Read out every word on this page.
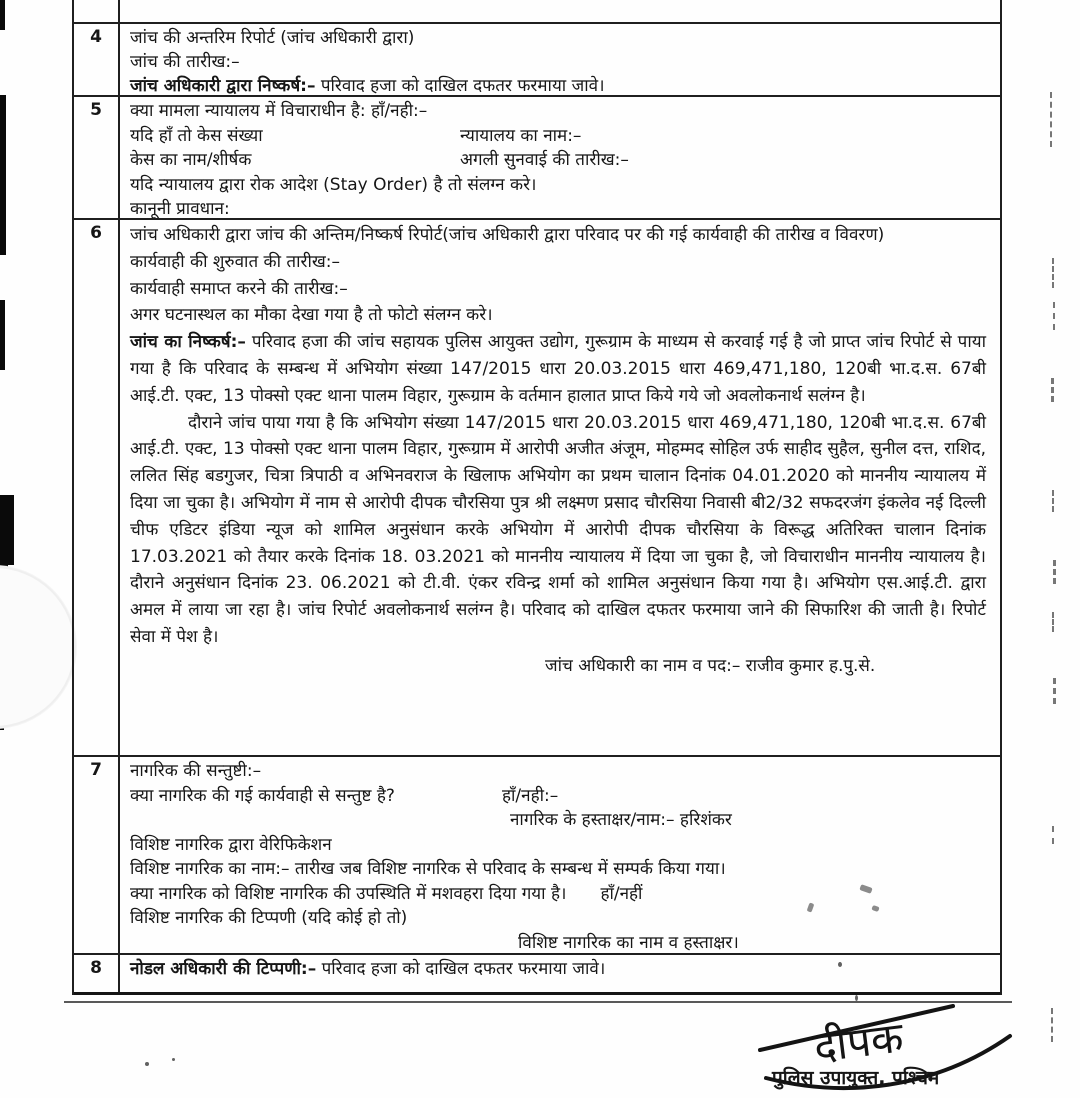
4	जांच की अन्तरिम रिपोर्ट (जांच अधिकारी द्वारा)
जांच की तारीख:–
जांच अधिकारी द्वारा निष्कर्ष:– परिवाद हजा को दाखिल दफतर फरमाया जावे।
5	क्या मामला न्यायालय में विचाराधीन है: हाँ/नही:–
यदि हाँ तो केस संख्या	न्यायालय का नाम:–
केस का नाम/शीर्षक	अगली सुनवाई की तारीख:–
यदि न्यायालय द्वारा रोक आदेश (Stay Order) है तो संलग्न करे।
कानूनी प्रावधान:
6	जांच अधिकारी द्वारा जांच की अन्तिम/निष्कर्ष रिपोर्ट(जांच अधिकारी द्वारा परिवाद पर की गई कार्यवाही की तारीख व विवरण)
कार्यवाही की शुरुवात की तारीख:–
कार्यवाही समाप्त करने की तारीख:–
अगर घटनास्थल का मौका देखा गया है तो फोटो संलग्न करे।
जांच का निष्कर्ष:– परिवाद हजा की जांच सहायक पुलिस आयुक्त उद्योग, गुरूग्राम के माध्यम से करवाई गई है जो प्राप्त जांच रिपोर्ट से पाया गया है कि परिवाद के सम्बन्ध में अभियोग संख्या 147/2015 धारा 20.03.2015 धारा 469,471,180, 120बी भा.द.स. 67बी आई.टी. एक्ट, 13 पोक्सो एक्ट थाना पालम विहार, गुरूग्राम के वर्तमान हालात प्राप्त किये गये जो अवलोकनार्थ सलंग्न है।
दौराने जांच पाया गया है कि अभियोग संख्या 147/2015 धारा 20.03.2015 धारा 469,471,180, 120बी भा.द.स. 67बी आई.टी. एक्ट, 13 पोक्सो एक्ट थाना पालम विहार, गुरूग्राम में आरोपी अजीत अंजूम, मोहम्मद सोहिल उर्फ साहीद सुहैल, सुनील दत्त, राशिद, ललित सिंह बडगुजर, चित्रा त्रिपाठी व अभिनवराज के खिलाफ अभियोग का प्रथम चालान दिनांक 04.01.2020 को माननीय न्यायालय में दिया जा चुका है। अभियोग में नाम से आरोपी दीपक चौरसिया पुत्र श्री लक्ष्मण प्रसाद चौरसिया निवासी बी2/32 सफदरजंग इंकलेव नई दिल्ली चीफ एडिटर इंडिया न्यूज को शामिल अनुसंधान करके अभियोग में आरोपी दीपक चौरसिया के विरूद्ध अतिरिक्त चालान दिनांक 17.03.2021 को तैयार करके दिनांक 18. 03.2021 को माननीय न्यायालय में दिया जा चुका है, जो विचाराधीन माननीय न्यायालय है। दौराने अनुसंधान दिनांक 23. 06.2021 को टी.वी. एंकर रविन्द्र शर्मा को शामिल अनुसंधान किया गया है। अभियोग एस.आई.टी. द्वारा अमल में लाया जा रहा है। जांच रिपोर्ट अवलोकनार्थ सलंग्न है। परिवाद को दाखिल दफतर फरमाया जाने की सिफारिश की जाती है। रिपोर्ट सेवा में पेश है।
जांच अधिकारी का नाम व पद:– राजीव कुमार ह.पु.से.
7	नागरिक की सन्तुष्टी:–
क्या नागरिक की गई कार्यवाही से सन्तुष्ट है?	हाँ/नही:–
नागरिक के हस्ताक्षर/नाम:– हरिशंकर
विशिष्ट नागरिक द्वारा वेरिफिकेशन
विशिष्ट नागरिक का नाम:– तारीख जब विशिष्ट नागरिक से परिवाद के सम्बन्ध में सम्पर्क किया गया।
क्या नागरिक को विशिष्ट नागरिक की उपस्थिति में मशवहरा दिया गया है। हाँ/नहीं
विशिष्ट नागरिक की टिप्पणी (यदि कोई हो तो)
विशिष्ट नागरिक का नाम व हस्ताक्षर।
8	नोडल अधिकारी की टिप्पणी:– परिवाद हजा को दाखिल दफतर फरमाया जावे।
पुलिस उपायुक्त, पश्चिम
दीपक
